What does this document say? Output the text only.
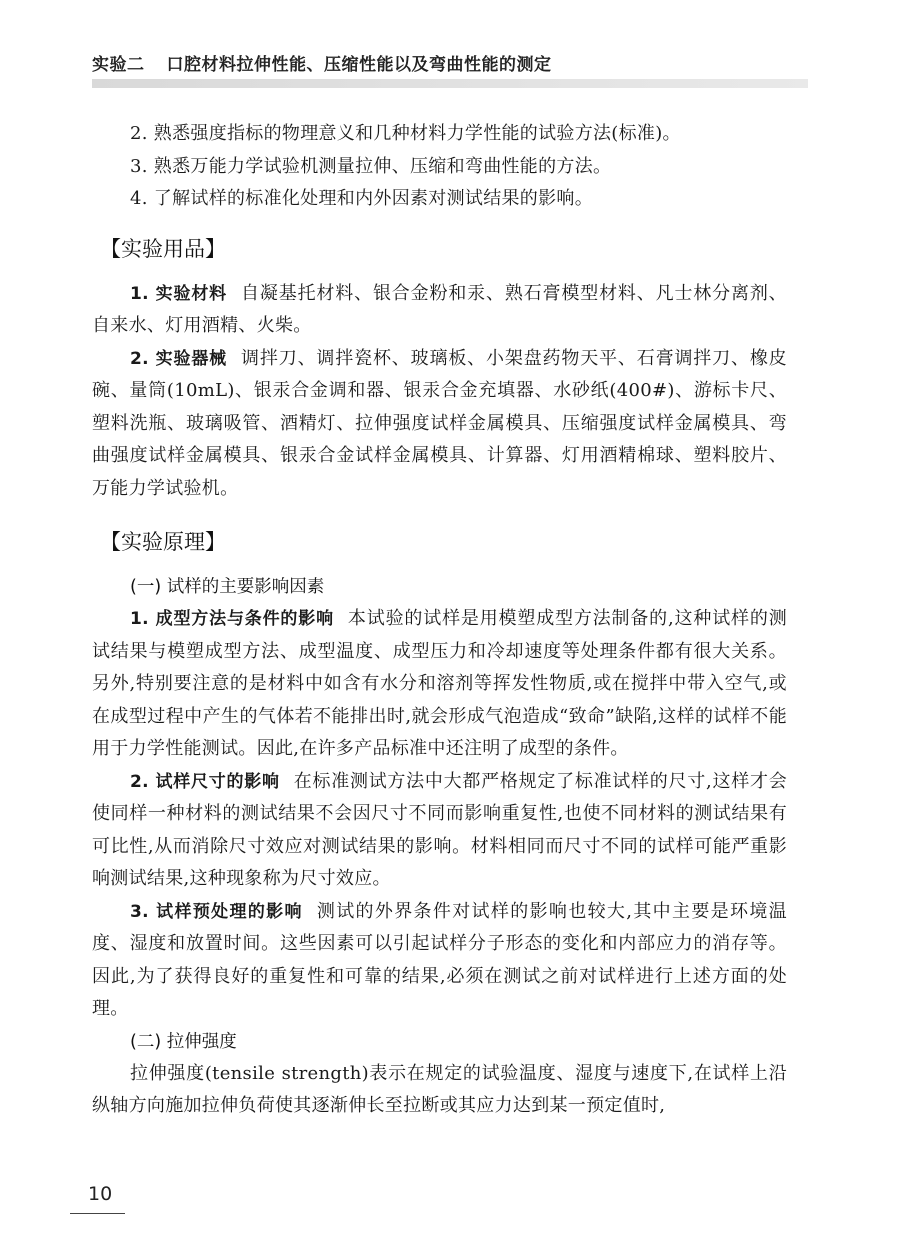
实验二 口腔材料拉伸性能、压缩性能以及弯曲性能的测定

2. 熟悉强度指标的物理意义和几种材料力学性能的试验方法(标准)。

3. 熟悉万能力学试验机测量拉伸、压缩和弯曲性能的方法。

4. 了解试样的标准化处理和内外因素对测试结果的影响。

【实验用品】

1. 实验材料 自凝基托材料、银合金粉和汞、熟石膏模型材料、凡士林分离剂、自来水、灯用酒精、火柴。

2. 实验器械 调拌刀、调拌瓷杯、玻璃板、小架盘药物天平、石膏调拌刀、橡皮碗、量筒(10mL)、银汞合金调和器、银汞合金充填器、水砂纸(400#)、游标卡尺、塑料洗瓶、玻璃吸管、酒精灯、拉伸强度试样金属模具、压缩强度试样金属模具、弯曲强度试样金属模具、银汞合金试样金属模具、计算器、灯用酒精棉球、塑料胶片、万能力学试验机。

【实验原理】
(一) 试样的主要影响因素

1. 成型方法与条件的影响 本试验的试样是用模塑成型方法制备的,这种试样的测试结果与模塑成型方法、成型温度、成型压力和冷却速度等处理条件都有很大关系。另外,特别要注意的是材料中如含有水分和溶剂等挥发性物质,或在搅拌中带入空气,或在成型过程中产生的气体若不能排出时,就会形成气泡造成“致命”缺陷,这样的试样不能用于力学性能测试。因此,在许多产品标准中还注明了成型的条件。

2. 试样尺寸的影响 在标准测试方法中大都严格规定了标准试样的尺寸,这样才会使同样一种材料的测试结果不会因尺寸不同而影响重复性,也使不同材料的测试结果有可比性,从而消除尺寸效应对测试结果的影响。材料相同而尺寸不同的试样可能严重影响测试结果,这种现象称为尺寸效应。

3. 试样预处理的影响 测试的外界条件对试样的影响也较大,其中主要是环境温度、湿度和放置时间。这些因素可以引起试样分子形态的变化和内部应力的消存等。因此,为了获得良好的重复性和可靠的结果,必须在测试之前对试样进行上述方面的处理。

(二) 拉伸强度

拉伸强度(tensile strength)表示在规定的试验温度、湿度与速度下,在试样上沿纵轴方向施加拉伸负荷使其逐渐伸长至拉断或其应力达到某一预定值时,

10
